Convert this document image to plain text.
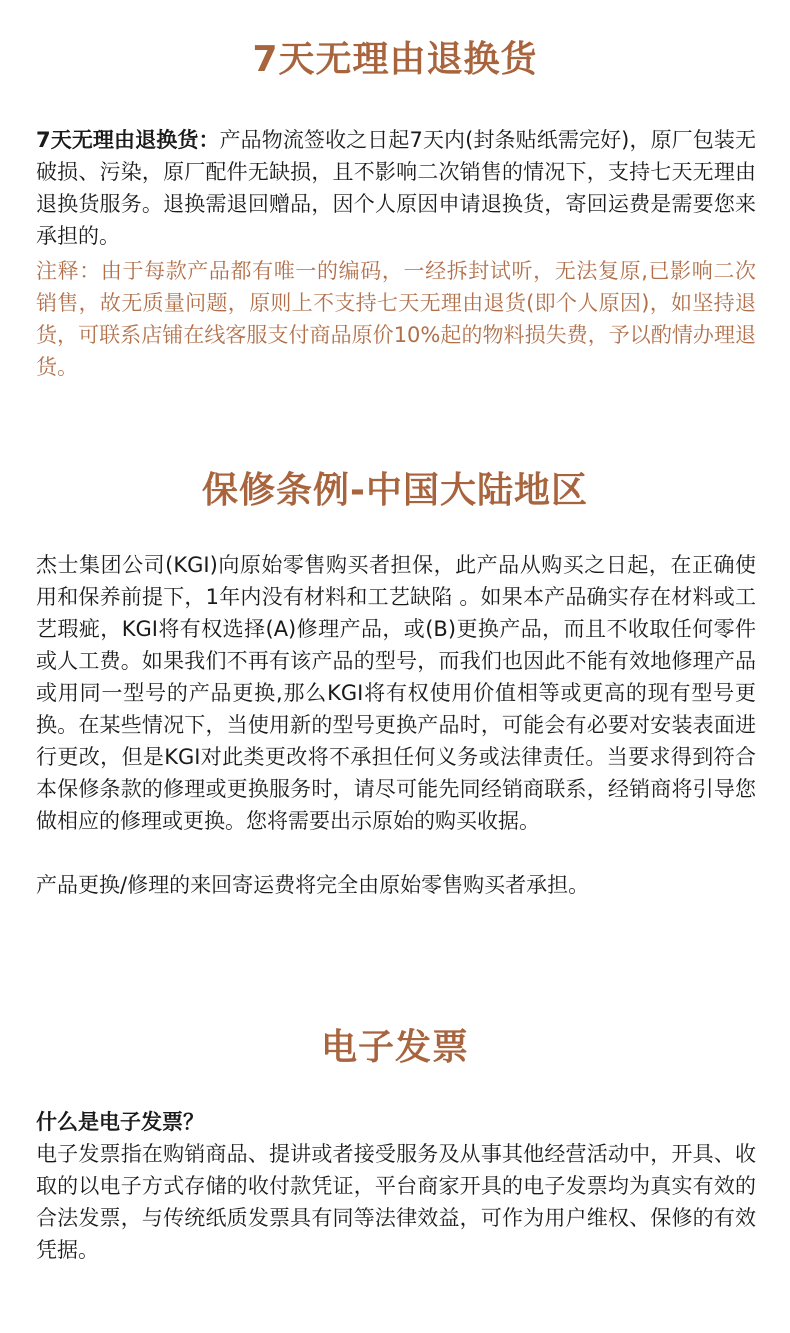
7天无理由退换货

7天无理由退换货：产品物流签收之日起7天内(封条贴纸需完好)，原厂包装无破损、污染，原厂配件无缺损，且不影响二次销售的情况下，支持七天无理由退换货服务。退换需退回赠品，因个人原因申请退换货，寄回运费是需要您来承担的。

注释：由于每款产品都有唯一的编码，一经拆封试听，无法复原,已影响二次销售，故无质量问题，原则上不支持七天无理由退货(即个人原因)，如坚持退货，可联系店铺在线客服支付商品原价10%起的物料损失费，予以酌情办理退货。

保修条例-中国大陆地区

杰士集团公司(KGI)向原始零售购买者担保，此产品从购买之日起，在正确使用和保养前提下，1年内没有材料和工艺缺陷 。如果本产品确实存在材料或工艺瑕疵，KGI将有权选择(A)修理产品，或(B)更换产品，而且不收取任何零件或人工费。如果我们不再有该产品的型号，而我们也因此不能有效地修理产品或用同一型号的产品更换,那么KGI将有权使用价值相等或更高的现有型号更换。在某些情况下，当使用新的型号更换产品时，可能会有必要对安装表面进行更改，但是KGI对此类更改将不承担任何义务或法律责任。当要求得到符合本保修条款的修理或更换服务时，请尽可能先同经销商联系，经销商将引导您做相应的修理或更换。您将需要出示原始的购买收据。

产品更换/修理的来回寄运费将完全由原始零售购买者承担。

电子发票

什么是电子发票？

电子发票指在购销商品、提讲或者接受服务及从事其他经营活动中，开具、收取的以电子方式存储的收付款凭证，平台商家开具的电子发票均为真实有效的合法发票，与传统纸质发票具有同等法律效益，可作为用户维权、保修的有效凭据。
